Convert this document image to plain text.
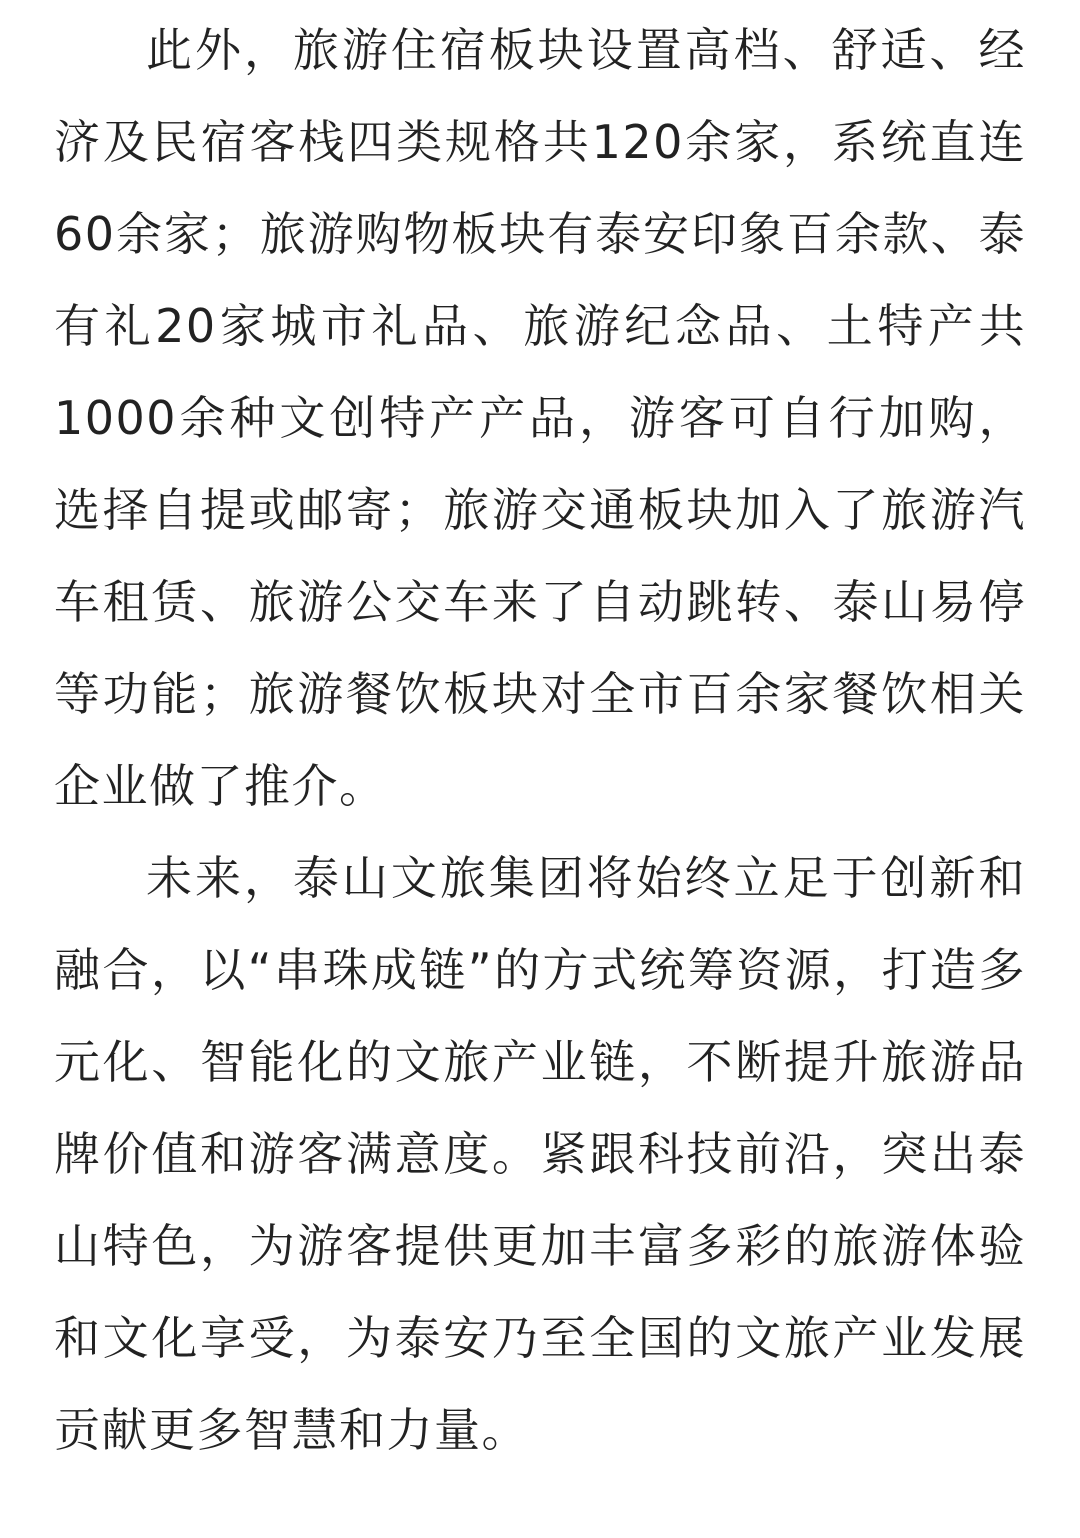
此外，旅游住宿板块设置高档、舒适、经济及民宿客栈四类规格共120余家，系统直连60余家；旅游购物板块有泰安印象百余款、泰有礼20家城市礼品、旅游纪念品、土特产共1000余种文创特产产品，游客可自行加购，选择自提或邮寄；旅游交通板块加入了旅游汽车租赁、旅游公交车来了自动跳转、泰山易停等功能；旅游餐饮板块对全市百余家餐饮相关企业做了推介。

未来，泰山文旅集团将始终立足于创新和融合，以“串珠成链”的方式统筹资源，打造多元化、智能化的文旅产业链，不断提升旅游品牌价值和游客满意度。紧跟科技前沿，突出泰山特色，为游客提供更加丰富多彩的旅游体验和文化享受，为泰安乃至全国的文旅产业发展贡献更多智慧和力量。
